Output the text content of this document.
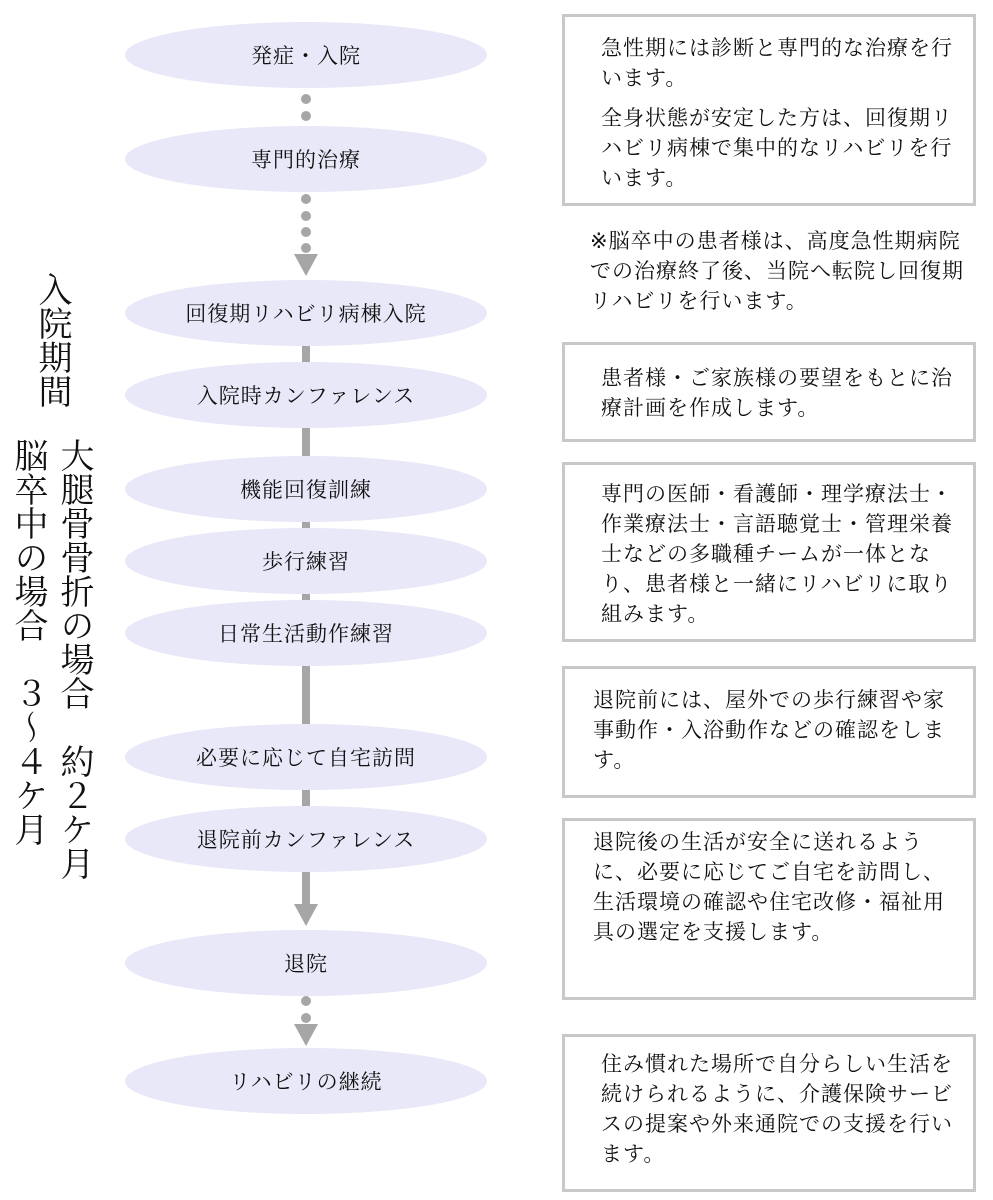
入院期間
大腿骨骨折の場合　約２ケ月
脳卒中の場合　３～４ケ月
発症・入院
専門的治療
回復期リハビリ病棟入院
入院時カンファレンス
機能回復訓練
歩行練習
日常生活動作練習
必要に応じて自宅訪問
退院前カンファレンス
退院
リハビリの継続

急性期には診断と専門的な治療を行います。

全身状態が安定した方は、回復期リハビリ病棟で集中的なリハビリを行います。

※脳卒中の患者様は、高度急性期病院での治療終了後、当院へ転院し回復期リハビリを行います。

患者様・ご家族様の要望をもとに治療計画を作成します。

専門の医師・看護師・理学療法士・作業療法士・言語聴覚士・管理栄養士などの多職種チームが一体となり、患者様と一緒にリハビリに取り組みます。

退院前には、屋外での歩行練習や家事動作・入浴動作などの確認をします。

退院後の生活が安全に送れるように、必要に応じてご自宅を訪問し、生活環境の確認や住宅改修・福祉用具の選定を支援します。

住み慣れた場所で自分らしい生活を続けられるように、介護保険サービスの提案や外来通院での支援を行います。
